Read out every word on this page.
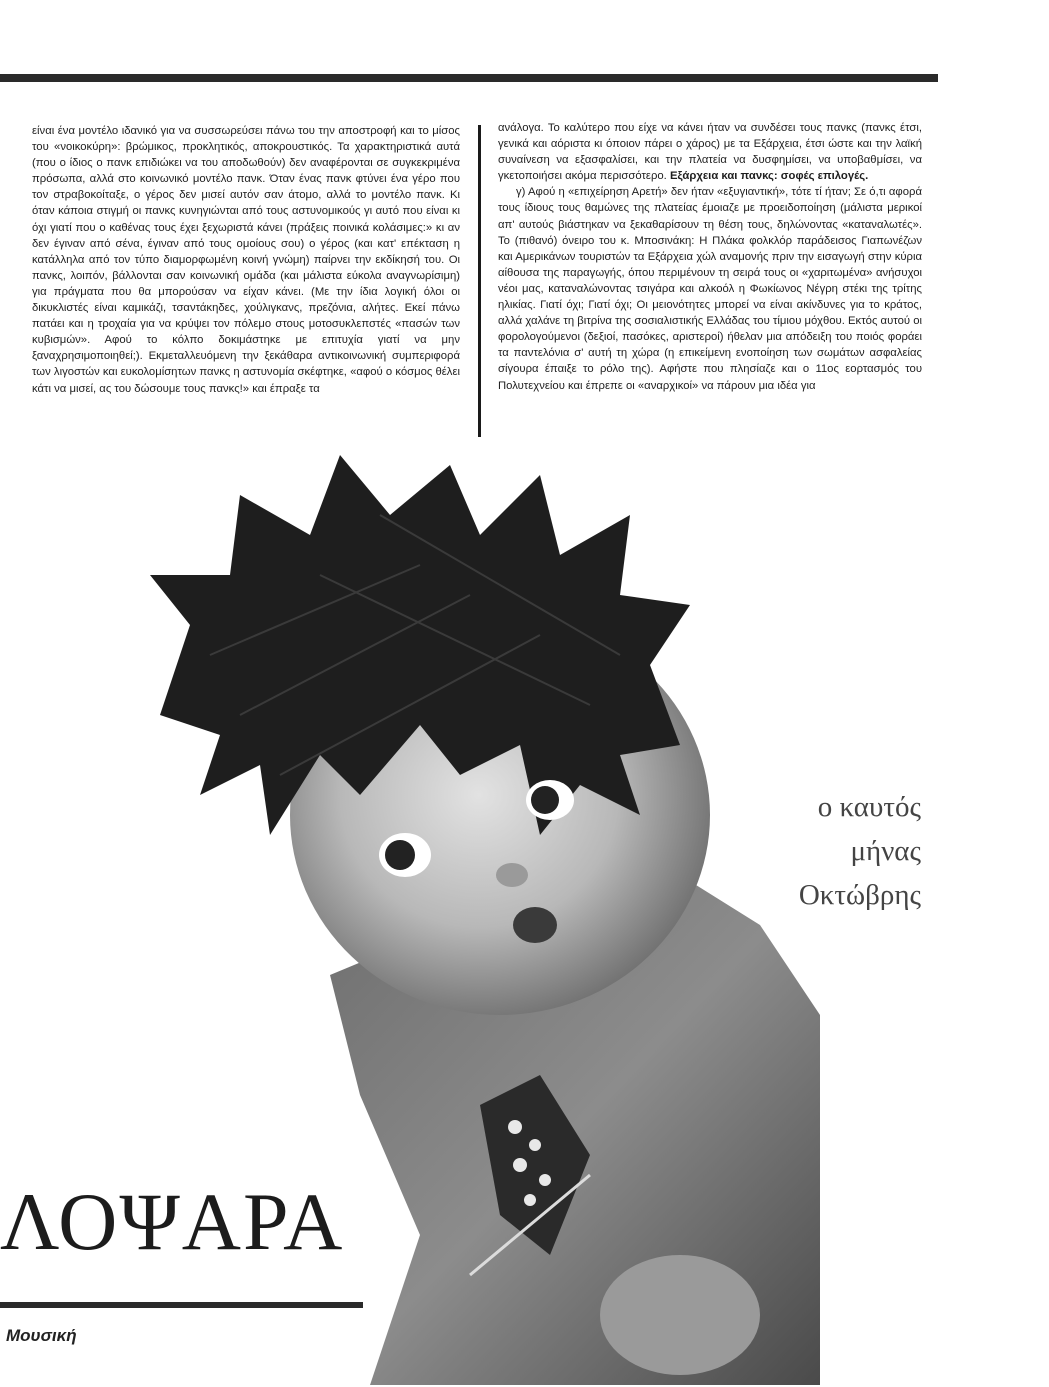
είναι ένα μοντέλο ιδανικό για να συσσωρεύσει πάνω του την αποστροφή και το μίσος του «νοικοκύρη»: βρώμικος, προκλητικός, αποκρουστικός. Τα χαρακτηριστικά αυτά (που ο ίδιος ο πανκ επιδιώκει να του αποδωθούν) δεν αναφέρονται σε συγκεκριμένα πρόσωπα, αλλά στο κοινωνικό μοντέλο πανκ. Όταν ένας πανκ φτύνει ένα γέρο που τον στραβοκοίταξε, ο γέρος δεν μισεί αυτόν σαν άτομο, αλλά το μοντέλο πανκ. Κι όταν κάποια στιγμή οι πανκς κυνηγιώνται από τους αστυνομικούς γι αυτό που είναι κι όχι γιατί που ο καθένας τους έχει ξεχωριστά κάνει (πράξεις ποινικά κολάσιμες:» κι αν δεν έγιναν από σένα, έγιναν από τους ομοίους σου) ο γέρος (και κατ' επέκταση η κατάλληλα από τον τύπο διαμορφωμένη κοινή γνώμη) παίρνει την εκδίκησή του. Οι πανκς, λοιπόν, βάλλονται σαν κοινωνική ομάδα (και μάλιστα εύκολα αναγνωρίσιμη) για πράγματα που θα μπορούσαν να είχαν κάνει. (Με την ίδια λογική όλοι οι δικυκλιστές είναι καμικάζι, τσαντάκηδες, χούλιγκανς, πρεζόνια, αλήτες. Εκεί πάνω πατάει και η τροχαία για να κρύψει τον πόλεμο στους μοτοσυκλεπστές «πασών των κυβισμών». Αφού το κόλπο δοκιμάστηκε με επιτυχία γιατί να μην ξαναχρησιμοποιηθεί;). Εκμεταλλευόμενη την ξεκάθαρα αντικοινωνική συμπεριφορά των λιγοστών και ευκολομίσητων πανκς η αστυνομία σκέφτηκε, «αφού ο κόσμος θέλει κάτι να μισεί, ας του δώσουμε τους πανκς!» και έπραξε τα

ανάλογα. Το καλύτερο που είχε να κάνει ήταν να συνδέσει τους πανκς (πανκς έτσι, γενικά και αόριστα κι όποιον πάρει ο χάρος) με τα Εξάρχεια, έτσι ώστε και την λαϊκή συναίνεση να εξασφαλίσει, και την πλατεία να δυσφημίσει, να υποβαθμίσει, να γκετοποιήσει ακόμα περισσότερο. Εξάρχεια και πανκς: σοφές επιλογές.

γ) Αφού η «επιχείρηση Αρετή» δεν ήταν «εξυγιαντική», τότε τί ήταν; Σε ό,τι αφορά τους ίδιους τους θαμώνες της πλατείας έμοιαζε με προειδοποίηση (μάλιστα μερικοί απ' αυτούς βιάστηκαν να ξεκαθαρίσουν τη θέση τους, δηλώνοντας «καταναλωτές». Το (πιθανό) όνειρο του κ. Μποσινάκη: Η Πλάκα φολκλόρ παράδεισος Γιαπωνέζων και Αμερικάνων τουριστών τα Εξάρχεια χώλ αναμονής πριν την εισαγωγή στην κύρια αίθουσα της παραγωγής, όπου περιμένουν τη σειρά τους οι «χαριτωμένα» ανήσυχοι νέοι μας, καταναλώνοντας τσιγάρα και αλκοόλ η Φωκίωνος Νέγρη στέκι της τρίτης ηλικίας. Γιατί όχι; Γιατί όχι; Οι μειονότητες μπορεί να είναι ακίνδυνες για το κράτος, αλλά χαλάνε τη βιτρίνα της σοσιαλιστικής Ελλάδας του τίμιου μόχθου. Εκτός αυτού οι φορολογούμενοι (δεξιοί, πασόκες, αριστεροί) ήθελαν μια απόδειξη του ποιός φοράει τα παντελόνια σ' αυτή τη χώρα (η επικείμενη ενοποίηση των σωμάτων ασφαλείας σίγουρα έπαιξε το ρόλο της). Αφήστε που πλησίαζε και ο 11ος εορτασμός του Πολυτεχνείου και έπρεπε οι «αναρχικοί» να πάρουν μια ιδέα για

ο καυτός
μήνας
Οκτώβρης
ΛΟΨΑΡΑ
Μουσική
